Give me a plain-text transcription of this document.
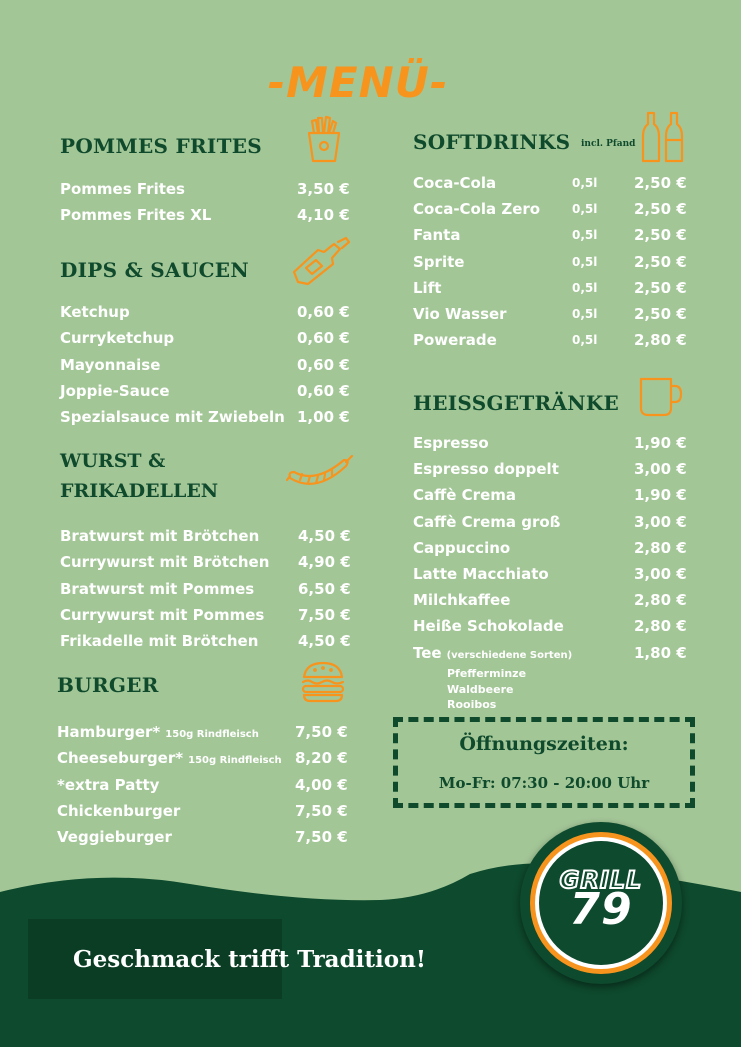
-MENÜ-
POMMES FRITES
Pommes Frites	3,50 €
Pommes Frites XL	4,10 €
DIPS & SAUCEN
Ketchup	0,60 €
Curryketchup	0,60 €
Mayonnaise	0,60 €
Joppie-Sauce	0,60 €
Spezialsauce mit Zwiebeln 1,00 €
WURST &
FRIKADELLEN
Bratwurst mit Brötchen	4,50 €
Currywurst mit Brötchen 4,90 €
Bratwurst mit Pommes	6,50 €
Currywurst mit Pommes 7,50 €
Frikadelle mit Brötchen	4,50 €
BURGER
Hamburger* 150g Rindfleisch 7,50 €
Cheeseburger* 150g Rindfleisch 8,20 €
*extra Patty	4,00 €
Chickenburger	7,50 €
Veggieburger	7,50 €
SOFTDRINKS incl. Pfand
Coca-Cola	0,5l 2,50 €
Coca-Cola Zero	0,5l 2,50 €
Fanta	0,5l 2,50 €
Sprite	0,5l 2,50 €
Lift	0,5l 2,50 €
Vio Wasser	0,5l 2,50 €
Powerade	0,5l 2,80 €
HEISSGETRÄNKE
Espresso	1,90 €
Espresso doppelt	3,00 €
Caffè Crema	1,90 €
Caffè Crema groß	3,00 €
Cappuccino	2,80 €
Latte Macchiato	3,00 €
Milchkaffee	2,80 €
Heiße Schokolade	2,80 €
Tee (verschiedene Sorten)	1,80 €
Pfefferminze
Waldbeere
Rooibos
Öffnungszeiten:
Mo-Fr: 07:30 - 20:00 Uhr
Geschmack trifft Tradition!
GRILL
79
